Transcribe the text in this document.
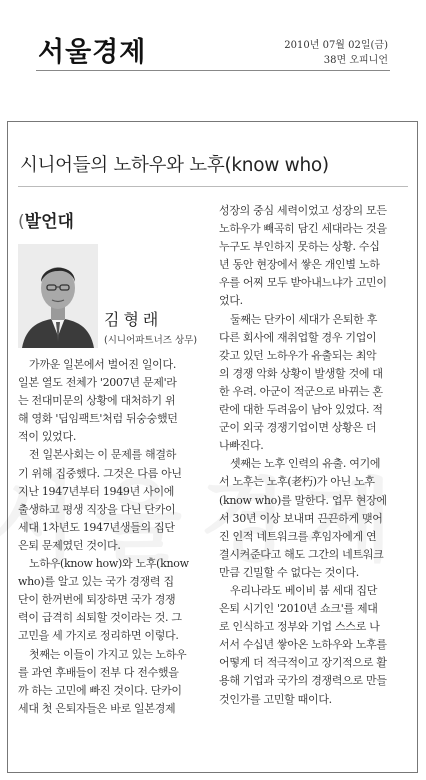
서울경제	2010년 07월 02일(금)
38면 오피니언
시니어들의 노하우와 노후(know who)
(발언대
김형래
(시니어파트너즈 상무)
가까운 일본에서 벌어진 일이다.
일본 열도 전체가 '2007년 문제'라
는 전대미문의 상황에 대처하기 위
해 영화 '딥임팩트'처럼 뒤숭숭했던
적이 있었다.
전 일본사회는 이 문제를 해결하
기 위해 집중했다. 그것은 다름 아닌
지난 1947년부터 1949년 사이에
출생하고 평생 직장을 다닌 단카이
세대 1차년도 1947년생들의 집단
은퇴 문제였던 것이다.
노하우(know how)와 노후(know
who)를 알고 있는 국가 경쟁력 집
단이 한꺼번에 퇴장하면 국가 경쟁
력이 급격히 쇠퇴할 것이라는 것. 그
고민을 세 가지로 정리하면 이렇다.
첫째는 이들이 가지고 있는 노하우
를 과연 후배들이 전부 다 전수했을
까 하는 고민에 빠진 것이다. 단카이
세대 첫 은퇴자들은 바로 일본경제
성장의 중심 세력이었고 성장의 모든
노하우가 빼곡히 담긴 세대라는 것을
누구도 부인하지 못하는 상황. 수십
년 동안 현장에서 쌓은 개인별 노하
우를 어찌 모두 받아내느냐가 고민이
었다.
둘째는 단카이 세대가 은퇴한 후
다른 회사에 재취업할 경우 기업이
갖고 있던 노하우가 유출되는 최악
의 경쟁 악화 상황이 발생할 것에 대
한 우려. 아군이 적군으로 바뀌는 혼
란에 대한 두려움이 남아 있었다. 적
군이 외국 경쟁기업이면 상황은 더
나빠진다.
셋째는 노후 인력의 유출. 여기에
서 노후는 노후(老朽)가 아닌 노후
(know who)를 말한다. 업무 현장에
서 30년 이상 보내며 끈끈하게 맺어
진 인적 네트워크를 후임자에게 연
결시켜준다고 해도 그간의 네트워크
만큼 긴밀할 수 없다는 것이다.
우리나라도 베이비 붐 세대 집단
은퇴 시기인 '2010년 쇼크'를 제대
로 인식하고 정부와 기업 스스로 나
서서 수십년 쌓아온 노하우와 노후를
어떻게 더 적극적이고 장기적으로 활
용해 기업과 국가의 경쟁력으로 만들
것인가를 고민할 때이다.
